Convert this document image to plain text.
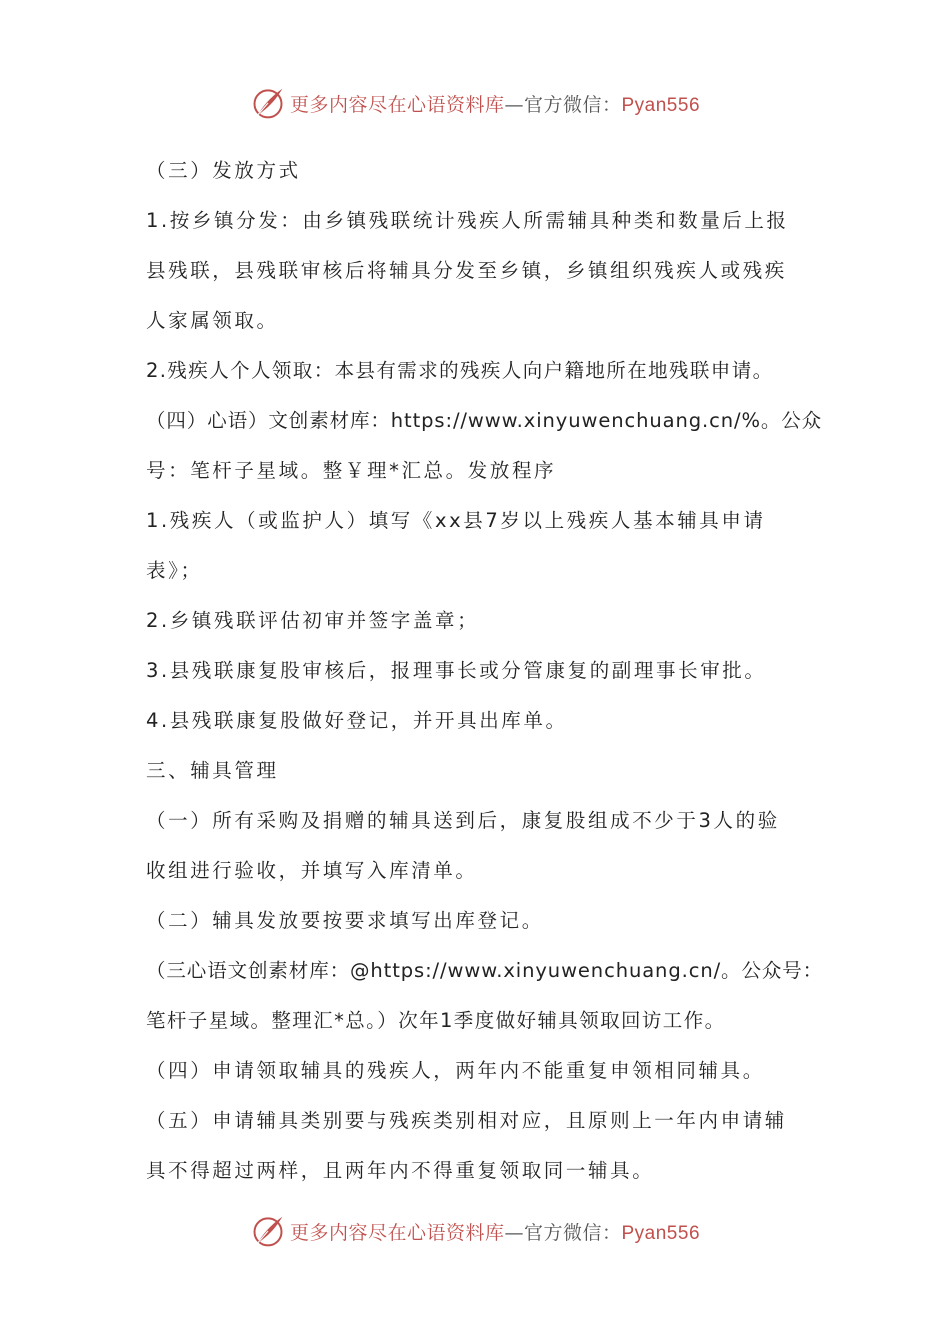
更多内容尽在心语资料库—官方微信：Pyan556
（三）发放方式
1.按乡镇分发：由乡镇残联统计残疾人所需辅具种类和数量后上报
县残联，县残联审核后将辅具分发至乡镇，乡镇组织残疾人或残疾
人家属领取。
2.残疾人个人领取：本县有需求的残疾人向户籍地所在地残联申请。
（四）心语）文创素材库：https://www.xinyuwenchuang.cn/%。公众
号：笔杆子星域。整￥理*汇总。发放程序
1.残疾人（或监护人）填写《xx县7岁以上残疾人基本辅具申请
表》；
2.乡镇残联评估初审并签字盖章；
3.县残联康复股审核后，报理事长或分管康复的副理事长审批。
4.县残联康复股做好登记，并开具出库单。
三、辅具管理
（一）所有采购及捐赠的辅具送到后，康复股组成不少于3人的验
收组进行验收，并填写入库清单。
（二）辅具发放要按要求填写出库登记。
（三心语文创素材库：@https://www.xinyuwenchuang.cn/。公众号：
笔杆子星域。整理汇*总。）次年1季度做好辅具领取回访工作。
（四）申请领取辅具的残疾人，两年内不能重复申领相同辅具。
（五）申请辅具类别要与残疾类别相对应，且原则上一年内申请辅
具不得超过两样，且两年内不得重复领取同一辅具。
更多内容尽在心语资料库—官方微信：Pyan556
